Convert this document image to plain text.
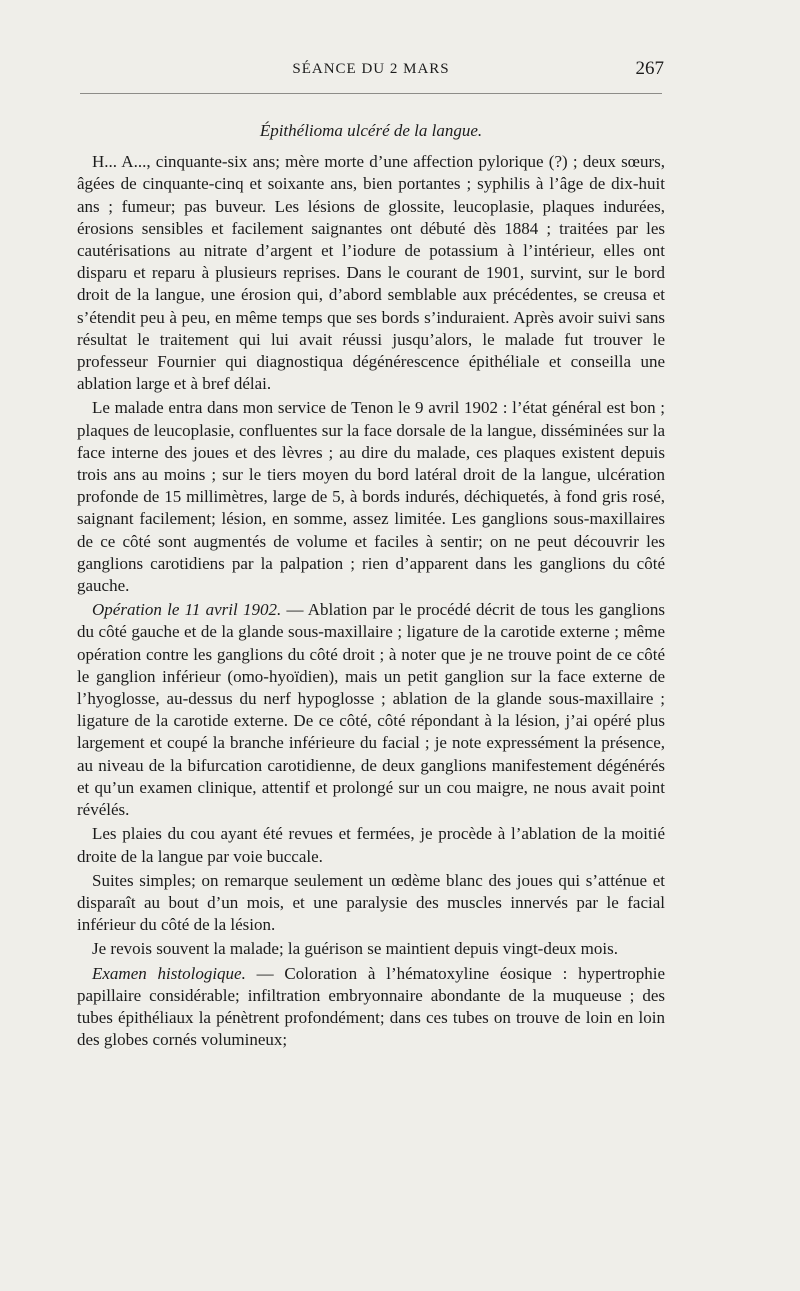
SÉANCE DU 2 MARS	267
Épithélioma ulcéré de la langue.

H... A..., cinquante-six ans; mère morte d’une affection pylorique (?) ; deux sœurs, âgées de cinquante-cinq et soixante ans, bien portantes ; syphilis à l’âge de dix-huit ans ; fumeur; pas buveur. Les lésions de glossite, leucoplasie, plaques indurées, érosions sensibles et facilement saignantes ont débuté dès 1884 ; traitées par les cautérisations au nitrate d’argent et l’iodure de potassium à l’intérieur, elles ont disparu et reparu à plusieurs reprises. Dans le courant de 1901, survint, sur le bord droit de la langue, une érosion qui, d’abord semblable aux précédentes, se creusa et s’étendit peu à peu, en même temps que ses bords s’induraient. Après avoir suivi sans résultat le traitement qui lui avait réussi jusqu’alors, le malade fut trouver le professeur Fournier qui diagnostiqua dégénérescence épithéliale et conseilla une ablation large et à bref délai.

Le malade entra dans mon service de Tenon le 9 avril 1902 : l’état général est bon ; plaques de leucoplasie, confluentes sur la face dorsale de la langue, disséminées sur la face interne des joues et des lèvres ; au dire du malade, ces plaques existent depuis trois ans au moins ; sur le tiers moyen du bord latéral droit de la langue, ulcération profonde de 15 millimètres, large de 5, à bords indurés, déchiquetés, à fond gris rosé, saignant facilement; lésion, en somme, assez limitée. Les ganglions sous-maxillaires de ce côté sont augmentés de volume et faciles à sentir; on ne peut découvrir les ganglions carotidiens par la palpation ; rien d’apparent dans les ganglions du côté gauche.

Opération le 11 avril 1902. — Ablation par le procédé décrit de tous les ganglions du côté gauche et de la glande sous-maxillaire ; ligature de la carotide externe ; même opération contre les ganglions du côté droit ; à noter que je ne trouve point de ce côté le ganglion inférieur (omo-hyoïdien), mais un petit ganglion sur la face externe de l’hyoglosse, au-dessus du nerf hypoglosse ; ablation de la glande sous-maxillaire ; ligature de la carotide externe. De ce côté, côté répondant à la lésion, j’ai opéré plus largement et coupé la branche inférieure du facial ; je note expressément la présence, au niveau de la bifurcation carotidienne, de deux ganglions manifestement dégénérés et qu’un examen clinique, attentif et prolongé sur un cou maigre, ne nous avait point révélés.

Les plaies du cou ayant été revues et fermées, je procède à l’ablation de la moitié droite de la langue par voie buccale.

Suites simples; on remarque seulement un œdème blanc des joues qui s’atténue et disparaît au bout d’un mois, et une paralysie des muscles innervés par le facial inférieur du côté de la lésion.

Je revois souvent la malade; la guérison se maintient depuis vingt-deux mois.

Examen histologique. — Coloration à l’hématoxyline éosique : hypertrophie papillaire considérable; infiltration embryonnaire abondante de la muqueuse ; des tubes épithéliaux la pénètrent profondément; dans ces tubes on trouve de loin en loin des globes cornés volumineux;
